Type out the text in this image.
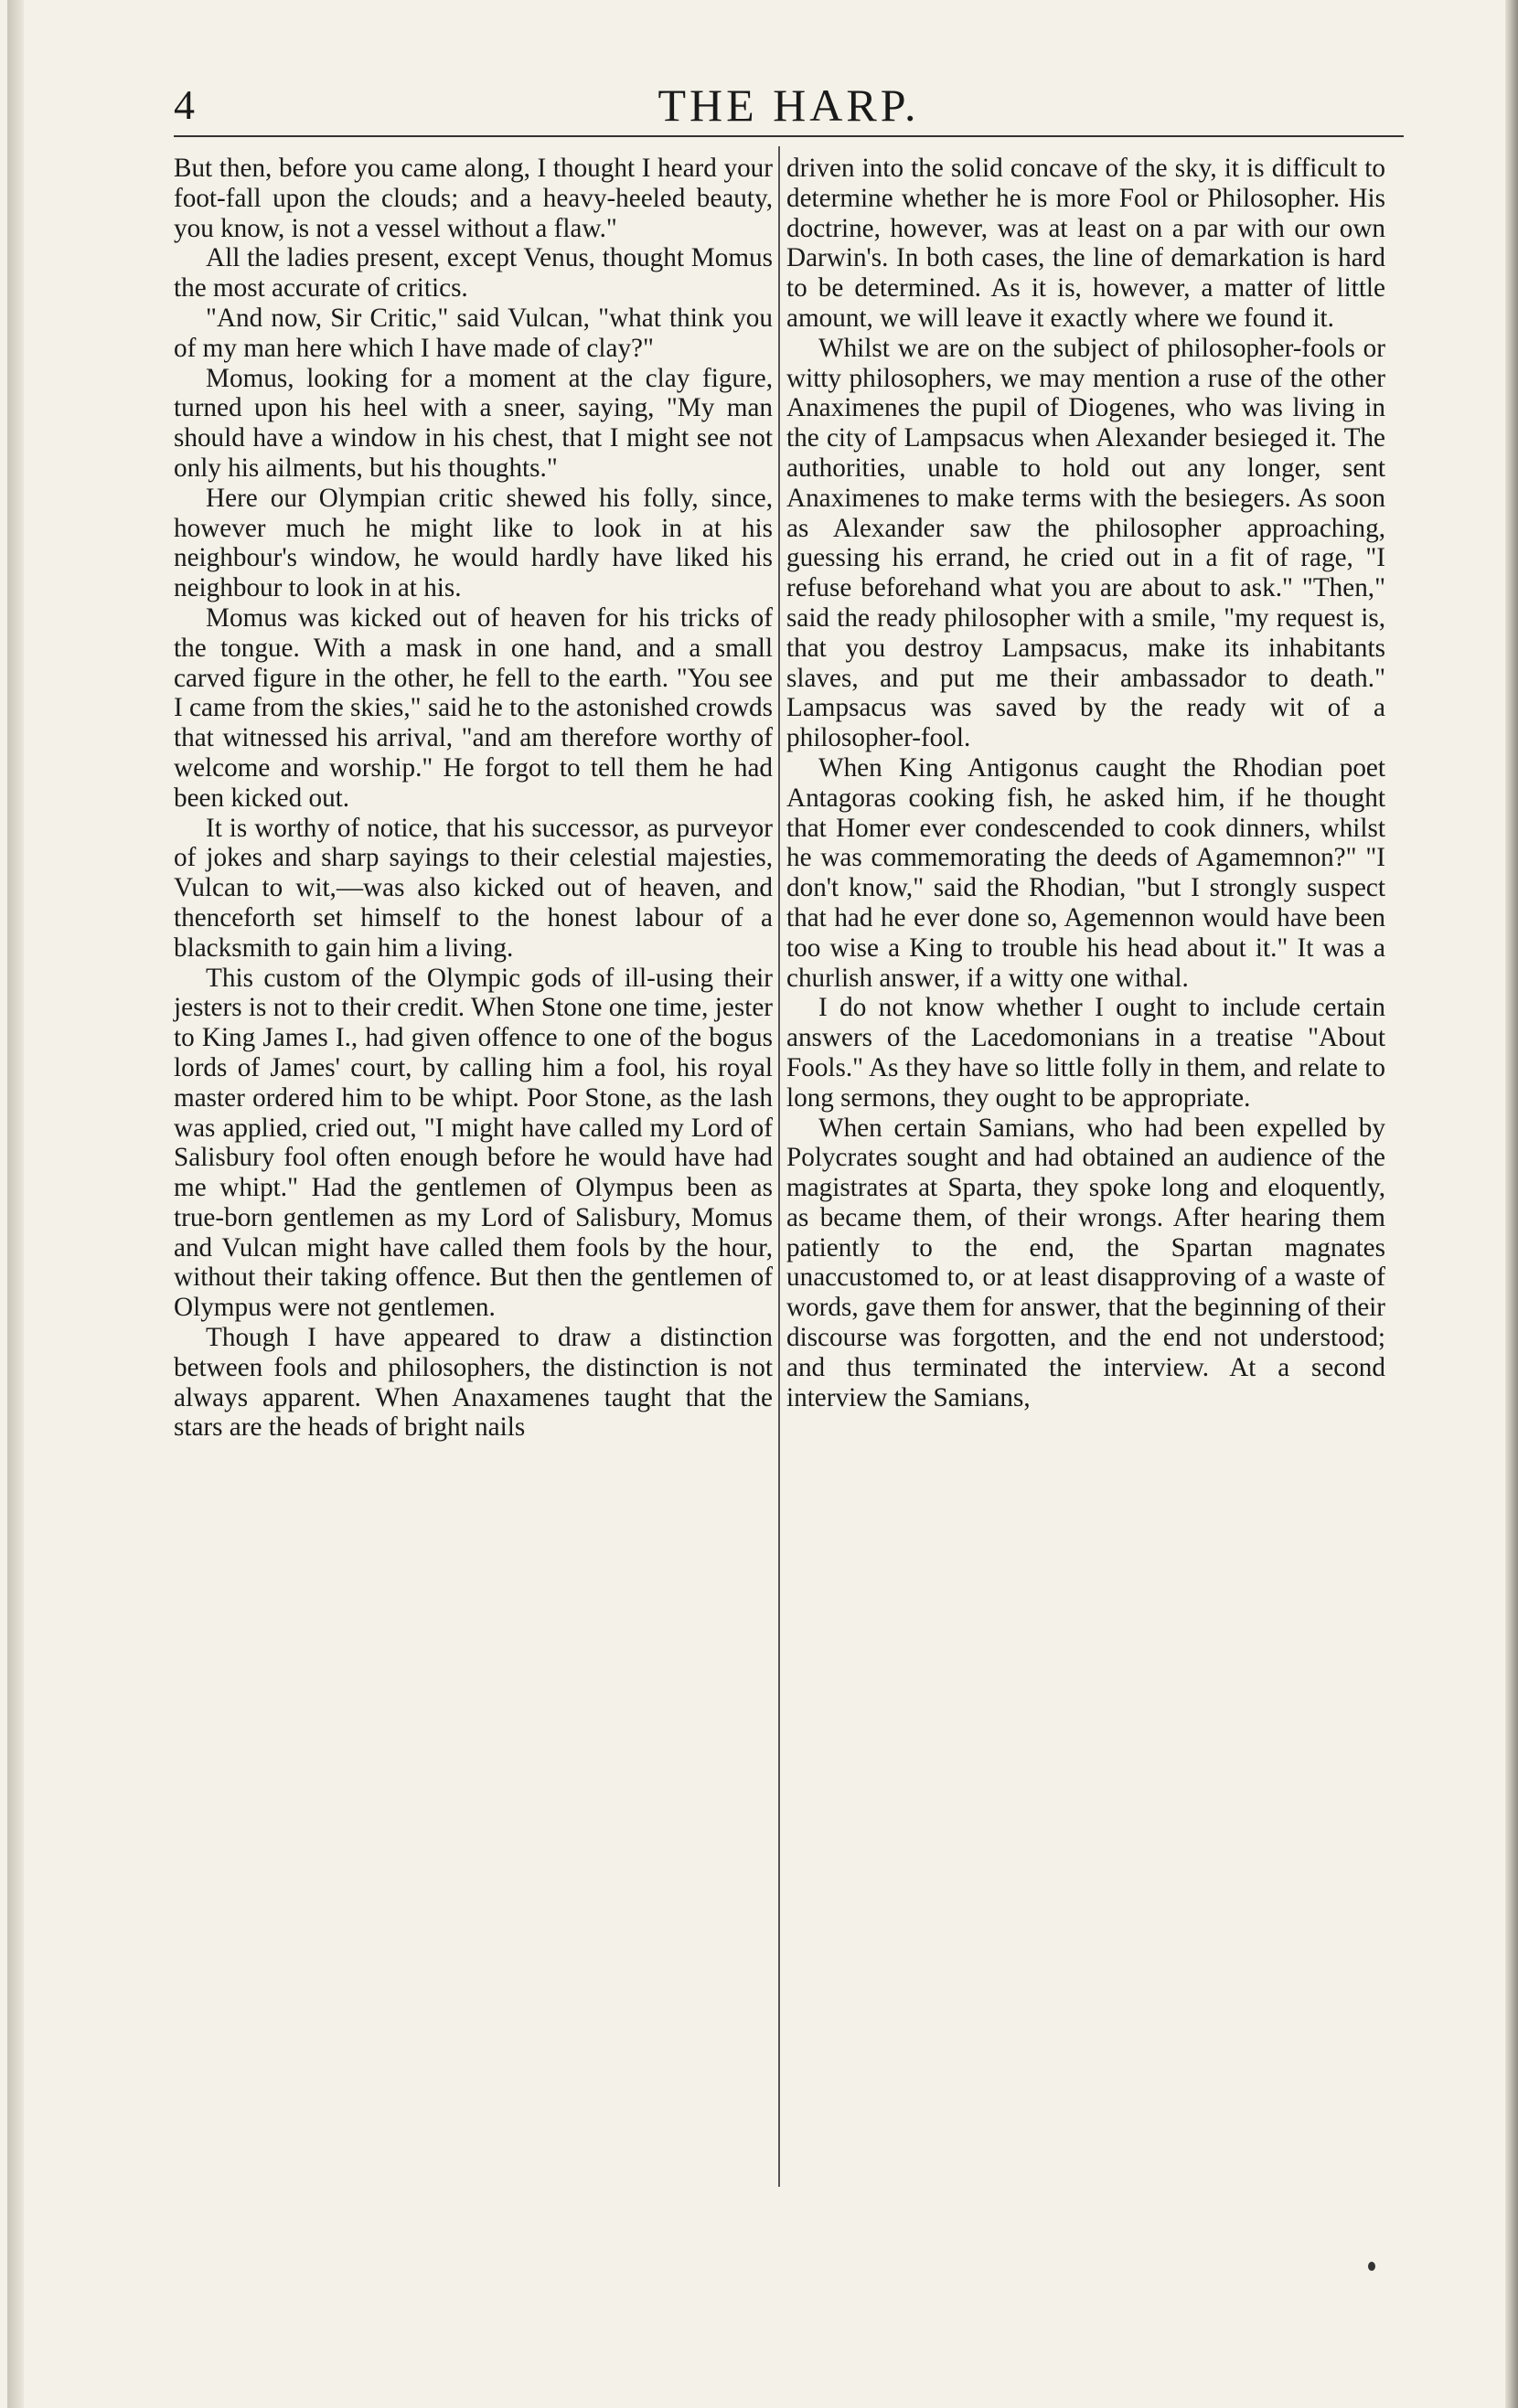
4	THE HARP.

But then, before you came along, I thought I heard your foot-fall upon the clouds; and a heavy-heeled beauty, you know, is not a vessel without a flaw."

All the ladies present, except Venus, thought Momus the most accurate of critics.

"And now, Sir Critic," said Vulcan, "what think you of my man here which I have made of clay?"

Momus, looking for a moment at the clay figure, turned upon his heel with a sneer, saying, "My man should have a window in his chest, that I might see not only his ailments, but his thoughts."

Here our Olympian critic shewed his folly, since, however much he might like to look in at his neighbour's window, he would hardly have liked his neighbour to look in at his.

Momus was kicked out of heaven for his tricks of the tongue. With a mask in one hand, and a small carved figure in the other, he fell to the earth. "You see I came from the skies," said he to the astonished crowds that witnessed his arrival, "and am therefore worthy of welcome and worship." He forgot to tell them he had been kicked out.

It is worthy of notice, that his successor, as purveyor of jokes and sharp sayings to their celestial majesties, Vulcan to wit,—was also kicked out of heaven, and thenceforth set himself to the honest labour of a blacksmith to gain him a living.

This custom of the Olympic gods of ill-using their jesters is not to their credit. When Stone one time, jester to King James I., had given offence to one of the bogus lords of James' court, by calling him a fool, his royal master ordered him to be whipt. Poor Stone, as the lash was applied, cried out, "I might have called my Lord of Salisbury fool often enough before he would have had me whipt." Had the gentlemen of Olympus been as true-born gentlemen as my Lord of Salisbury, Momus and Vulcan might have called them fools by the hour, without their taking offence. But then the gentlemen of Olympus were not gentlemen.

Though I have appeared to draw a distinction between fools and philosophers, the distinction is not always apparent. When Anaxamenes taught that the stars are the heads of bright nails

driven into the solid concave of the sky, it is difficult to determine whether he is more Fool or Philosopher. His doctrine, however, was at least on a par with our own Darwin's. In both cases, the line of demarkation is hard to be determined. As it is, however, a matter of little amount, we will leave it exactly where we found it.

Whilst we are on the subject of philosopher-fools or witty philosophers, we may mention a ruse of the other Anaximenes the pupil of Diogenes, who was living in the city of Lampsacus when Alexander besieged it. The authorities, unable to hold out any longer, sent Anaximenes to make terms with the besiegers. As soon as Alexander saw the philosopher approaching, guessing his errand, he cried out in a fit of rage, "I refuse beforehand what you are about to ask." "Then," said the ready philosopher with a smile, "my request is, that you destroy Lampsacus, make its inhabitants slaves, and put me their ambassador to death." Lampsacus was saved by the ready wit of a philosopher-fool.

When King Antigonus caught the Rhodian poet Antagoras cooking fish, he asked him, if he thought that Homer ever condescended to cook dinners, whilst he was commemorating the deeds of Agamemnon?" "I don't know," said the Rhodian, "but I strongly suspect that had he ever done so, Agemennon would have been too wise a King to trouble his head about it." It was a churlish answer, if a witty one withal.

I do not know whether I ought to include certain answers of the Lacedomonians in a treatise "About Fools." As they have so little folly in them, and relate to long sermons, they ought to be appropriate.

When certain Samians, who had been expelled by Polycrates sought and had obtained an audience of the magistrates at Sparta, they spoke long and eloquently, as became them, of their wrongs. After hearing them patiently to the end, the Spartan magnates unaccustomed to, or at least disapproving of a waste of words, gave them for answer, that the beginning of their discourse was forgotten, and the end not understood; and thus terminated the interview. At a second interview the Samians,
